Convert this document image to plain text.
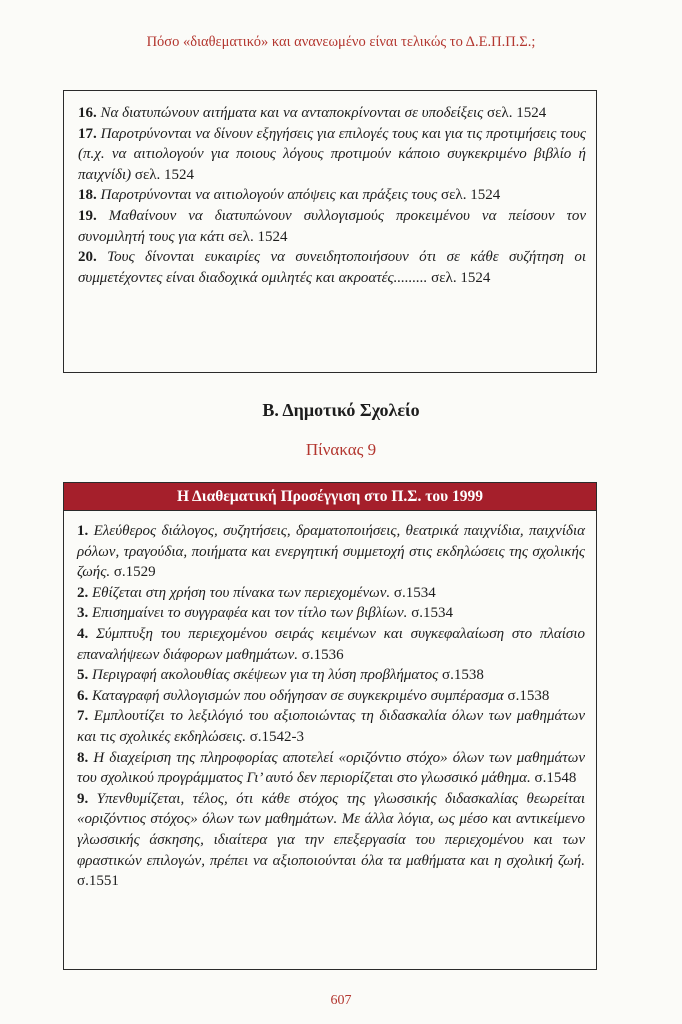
Πόσο «διαθεματικό» και ανανεωμένο είναι τελικώς το Δ.Ε.Π.Π.Σ.;

16. Να διατυπώνουν αιτήματα και να ανταποκρίνονται σε υποδείξεις σελ. 1524

17. Παροτρύνονται να δίνουν εξηγήσεις για επιλογές τους και για τις προτιμήσεις τους (π.χ. να αιτιολογούν για ποιους λόγους προτιμούν κάποιο συγκεκριμένο βιβλίο ή παιχνίδι) σελ. 1524

18. Παροτρύνονται να αιτιολογούν απόψεις και πράξεις τους σελ. 1524

19. Μαθαίνουν να διατυπώνουν συλλογισμούς προκειμένου να πείσουν τον συνομιλητή τους για κάτι σελ. 1524

20. Τους δίνονται ευκαιρίες να συνειδητοποιήσουν ότι σε κάθε συζήτηση οι συμμετέχοντες είναι διαδοχικά ομιλητές και ακροατές......... σελ. 1524

Β. Δημοτικό Σχολείο
Πίνακας 9
Η Διαθεματική Προσέγγιση στο Π.Σ. του 1999

1. Ελεύθερος διάλογος, συζητήσεις, δραματοποιήσεις, θεατρικά παιχνίδια, παιχνίδια ρόλων, τραγούδια, ποιήματα και ενεργητική συμμετοχή στις εκδηλώσεις της σχολικής ζωής. σ.1529

2. Εθίζεται στη χρήση του πίνακα των περιεχομένων. σ.1534

3. Επισημαίνει το συγγραφέα και τον τίτλο των βιβλίων. σ.1534

4. Σύμπτυξη του περιεχομένου σειράς κειμένων και συγκεφαλαίωση στο πλαίσιο επαναλήψεων διάφορων μαθημάτων. σ.1536

5. Περιγραφή ακολουθίας σκέψεων για τη λύση προβλήματος σ.1538

6. Καταγραφή συλλογισμών που οδήγησαν σε συγκεκριμένο συμπέρασμα σ.1538

7. Εμπλουτίζει το λεξιλόγιό του αξιοποιώντας τη διδασκαλία όλων των μαθημάτων και τις σχολικές εκδηλώσεις. σ.1542-3

8. Η διαχείριση της πληροφορίας αποτελεί «οριζόντιο στόχο» όλων των μαθημάτων του σχολικού προγράμματος Γι’ αυτό δεν περιορίζεται στο γλωσσικό μάθημα. σ.1548

9. Υπενθυμίζεται, τέλος, ότι κάθε στόχος της γλωσσικής διδασκαλίας θεωρείται «οριζόντιος στόχος» όλων των μαθημάτων. Με άλλα λόγια, ως μέσο και αντικείμενο γλωσσικής άσκησης, ιδιαίτερα για την επεξεργασία του περιεχομένου και των φραστικών επιλογών, πρέπει να αξιοποιούνται όλα τα μαθήματα και η σχολική ζωή. σ.1551

607
